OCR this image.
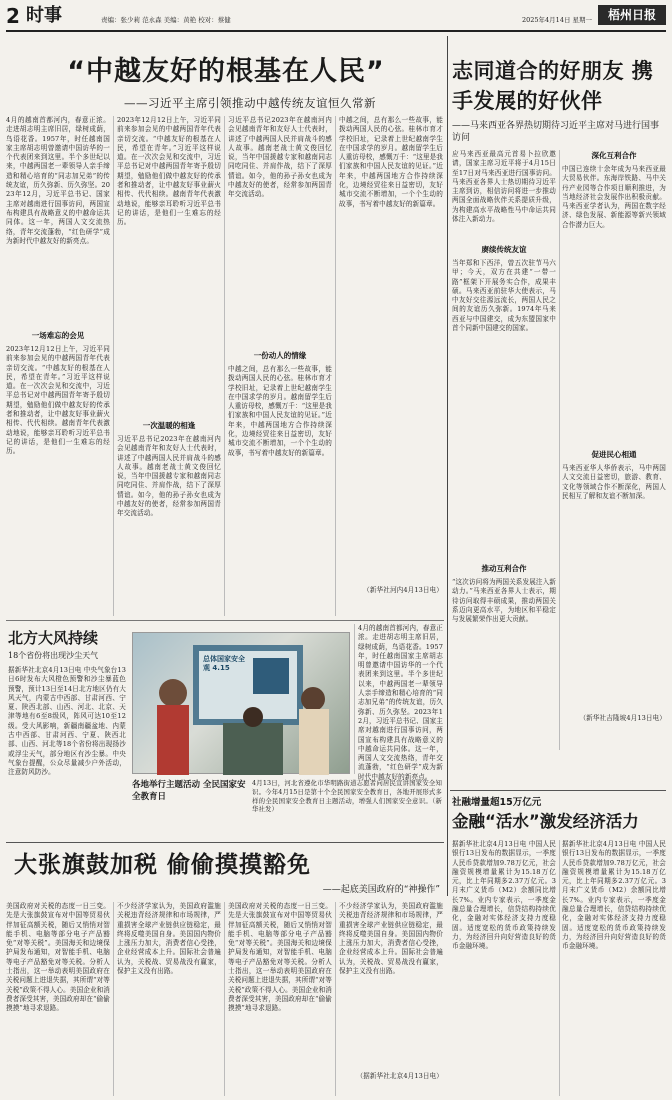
2 时事	责编：张少莉 范永森 美编：黄艳 校对：蔡健	2025年4月14日 星期一	梧州日报
“中越友好的根基在人民”
——习近平主席引领推动中越传统友谊恒久常新
4月的越南首都河内，春意正浓。走进胡志明主席旧居，绿树成荫，鸟语花香。1957年，时任越南国家主席胡志明曾邀请中国访华的一个代表团来到这里。半个多世纪以来，中越两国老一辈领导人亲手缔造和精心培育的“同志加兄弟”的传统友谊，历久弥新、历久弥坚。2023年12月，习近平总书记、国家主席对越南进行国事访问，两国宣布构建具有战略意义的中越命运共同体。这一年，两国人文交流热络，青年交流蓬勃，“红色研学”成为新时代中越友好的新亮点。
一场难忘的会见
2023年12月12日上午，习近平同前来参加会见的中越两国青年代表亲切交流。“中越友好的根基在人民，希望在青年。”习近平这样说道。在一次次会见和交流中，习近平总书记对中越两国青年寄予殷切期望，勉励他们做中越友好的传承者和推动者，让中越友好事业薪火相传、代代相续。越南青年代表激动地说，能够亲耳聆听习近平总书记的讲话，是他们一生难忘的经历。
2023年12月12日上午，习近平同前来参加会见的中越两国青年代表亲切交流。“中越友好的根基在人民，希望在青年。”习近平这样说道。在一次次会见和交流中，习近平总书记对中越两国青年寄予殷切期望，勉励他们做中越友好的传承者和推动者，让中越友好事业薪火相传、代代相续。越南青年代表激动地说，能够亲耳聆听习近平总书记的讲话，是他们一生难忘的经历。
一次温暖的相逢
习近平总书记2023年在越南河内会见越南青年和友好人士代表时，讲述了中越两国人民并肩战斗的感人故事。越南老战士黄文俊回忆说，当年中国援越专家和越南同志同吃同住、并肩作战，结下了深厚情谊。如今，他的孙子孙女也成为中越友好的使者，经常参加两国青年交流活动。
习近平总书记2023年在越南河内会见越南青年和友好人士代表时，讲述了中越两国人民并肩战斗的感人故事。越南老战士黄文俊回忆说，当年中国援越专家和越南同志同吃同住、并肩作战，结下了深厚情谊。如今，他的孙子孙女也成为中越友好的使者，经常参加两国青年交流活动。
一份动人的情缘
中越之间，总有那么一些故事，能拨动两国人民的心弦。桂林市育才学校旧址，记录着上世纪越南学生在中国求学的岁月。越南留学生后人重访母校，感慨万千：“这里是我们家族和中国人民友谊的见证。”近年来，中越两国地方合作持续深化，边境经贸往来日益密切，友好城市交流不断增加，一个个生动的故事，书写着中越友好的新篇章。
中越之间，总有那么一些故事，能拨动两国人民的心弦。桂林市育才学校旧址，记录着上世纪越南学生在中国求学的岁月。越南留学生后人重访母校，感慨万千：“这里是我们家族和中国人民友谊的见证。”近年来，中越两国地方合作持续深化，边境经贸往来日益密切，友好城市交流不断增加，一个个生动的故事，书写着中越友好的新篇章。
（新华社河内4月13日电）
志同道合的好朋友 携手发展的好伙伴
——马来西亚各界热切期待习近平主席对马进行国事访问
应马来西亚最高元首易卜拉欣邀请，国家主席习近平将于4月15日至17日对马来西亚进行国事访问。马来西亚各界人士热切期待习近平主席到访，相信访问将进一步推动两国全面战略伙伴关系提质升级，为构建高水平战略性马中命运共同体注入新动力。
赓续传统友谊
当年郑和下西洋，曾五次驻节马六甲；今天，双方在共建“一带一路”框架下开展务实合作，成果丰硕。马来西亚前驻华大使表示，马中友好交往源远流长，两国人民之间的友谊历久弥新。1974年马来西亚与中国建交，成为东盟国家中首个同新中国建交的国家。
推动互利合作
“这次访问将为两国关系发展注入新动力。”马来西亚各界人士表示，期待访问取得丰硕成果，推动两国关系迈向更高水平，为地区和平稳定与发展繁荣作出更大贡献。
深化互利合作
中国已连续十余年成为马来西亚最大贸易伙伴。东海岸铁路、马中关丹产业园等合作项目顺利推进，为当地经济社会发展作出积极贡献。马来西亚学者认为，两国在数字经济、绿色发展、新能源等新兴领域合作潜力巨大。
促进民心相通
马来西亚华人华侨表示，马中两国人文交流日益密切，旅游、教育、文化等领域合作不断深化，两国人民相互了解和友谊不断加深。
（新华社吉隆坡4月13日电）
北方大风持续
18个省份将出现沙尘天气
据新华社北京4月13日电 中央气象台13日6时发布大风橙色预警和沙尘暴蓝色预警，预计13日至14日北方地区仍有大风天气，内蒙古中西部、甘肃河西、宁夏、陕西北部、山西、河北、北京、天津等地有6至8级风，阵风可达10至12级。受大风影响，新疆南疆盆地、内蒙古中西部、甘肃河西、宁夏、陕西北部、山西、河北等18个省份将出现扬沙或浮尘天气，部分地区有沙尘暴。中央气象台提醒，公众尽量减少户外活动，注意防风防沙。
总体国家安全观 4.15
各地举行主题活动 全民国家安全教育日
4月13日，河北省遵化市华明路街道志愿者向居民宣讲国家安全知识。今年4月15日是第十个全民国家安全教育日，各地开展形式多样的全民国家安全教育日主题活动，增强人们国家安全意识。（新华社发）
4月的越南首都河内，春意正浓。走进胡志明主席旧居，绿树成荫，鸟语花香。1957年，时任越南国家主席胡志明曾邀请中国访华的一个代表团来到这里。半个多世纪以来，中越两国老一辈领导人亲手缔造和精心培育的“同志加兄弟”的传统友谊，历久弥新、历久弥坚。2023年12月，习近平总书记、国家主席对越南进行国事访问，两国宣布构建具有战略意义的中越命运共同体。这一年，两国人文交流热络，青年交流蓬勃，“红色研学”成为新时代中越友好的新亮点。
大张旗鼓加税 偷偷摸摸豁免
——起底美国政府的“神操作”
美国政府对关税的态度一日三变。先是大张旗鼓宣布对中国等贸易伙伴加征高额关税，随后又悄悄对智能手机、电脑等部分电子产品豁免“对等关税”。美国海关和边境保护局发布通知，对智能手机、电脑等电子产品豁免对等关税。分析人士指出，这一举动表明美国政府在关税问题上进退失据，其所谓“对等关税”政策不得人心。美国企业和消费者深受其害，美国政府却在“偷偷摸摸”地寻求退路。
不少经济学家认为，美国政府滥施关税违背经济规律和市场规律，严重损害全球产业链供应链稳定，最终将反噬美国自身。美国国内物价上涨压力加大，消费者信心受挫，企业经营成本上升。国际社会普遍认为，关税战、贸易战没有赢家，保护主义没有出路。
美国政府对关税的态度一日三变。先是大张旗鼓宣布对中国等贸易伙伴加征高额关税，随后又悄悄对智能手机、电脑等部分电子产品豁免“对等关税”。美国海关和边境保护局发布通知，对智能手机、电脑等电子产品豁免对等关税。分析人士指出，这一举动表明美国政府在关税问题上进退失据，其所谓“对等关税”政策不得人心。美国企业和消费者深受其害，美国政府却在“偷偷摸摸”地寻求退路。
不少经济学家认为，美国政府滥施关税违背经济规律和市场规律，严重损害全球产业链供应链稳定，最终将反噬美国自身。美国国内物价上涨压力加大，消费者信心受挫，企业经营成本上升。国际社会普遍认为，关税战、贸易战没有赢家，保护主义没有出路。
（据新华社北京4月13日电）
社融增量超15万亿元
金融“活水”激发经济活力
据新华社北京4月13日电 中国人民银行13日发布的数据显示，一季度人民币贷款增加9.78万亿元，社会融资规模增量累计为15.18万亿元，比上年同期多2.37万亿元。3月末广义货币（M2）余额同比增长7%。业内专家表示，一季度金融总量合理增长，信贷结构持续优化，金融对实体经济支持力度稳固。适度宽松的货币政策持续发力，为经济回升向好营造良好的货币金融环境。
据新华社北京4月13日电 中国人民银行13日发布的数据显示，一季度人民币贷款增加9.78万亿元，社会融资规模增量累计为15.18万亿元，比上年同期多2.37万亿元。3月末广义货币（M2）余额同比增长7%。业内专家表示，一季度金融总量合理增长，信贷结构持续优化，金融对实体经济支持力度稳固。适度宽松的货币政策持续发力，为经济回升向好营造良好的货币金融环境。
